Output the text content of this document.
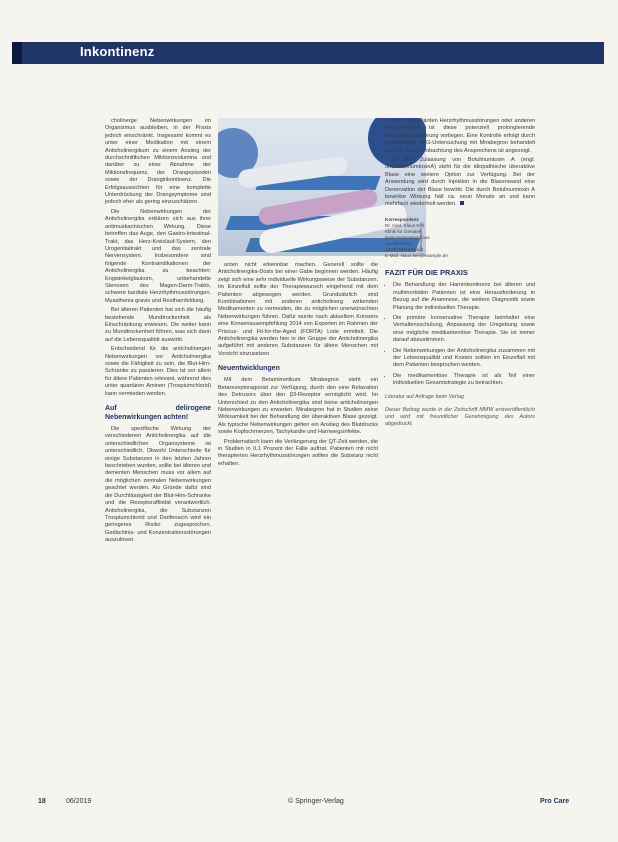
Inkontinenz
© Jupiterimages

cholinerge Nebenwirkungen im Organismus ausbleiben, in der Praxis jedoch einschränkt. Insgesamt kommt es unter einer Medikation mit einem Anticholinergikum zu einem Anstieg der durchschnittlichen Miktionsvolumina und darüber zu einer Abnahme der Miktionsfrequenz, der Drangepisoden sowie der Dranginkontinenz. Die Erfolgsaussichten für eine komplette Unterdrückung der Drangsymptome sind jedoch eher als gering einzuschätzen.

Die Nebenwirkungen der Anticholinergika erklären sich aus ihrer antimuskarinischen Wirkung. Diese betreffen das Auge, den Gastro-Intestinal-Trakt, das Herz-Kreislauf-System, den Urogenitaltrakt und das zentrale Nervensystem. Insbesondere sind folgende Kontraindikationen der Anticholinergika zu beachten: Engwinkelglaukom, unbehandelte Stenosen des Magen-Darm-Trakts, schwere kardiale Herzrhythmusstörungen, Myasthenia gravis und Restharnbildung.

Bei älteren Patienten hat sich die häufig bestehende Mundtrockenheit als Einschränkung erwiesen. Die weiter kann zu Mundtrockenheit führen, was sich dann auf die Lebensqualität auswirkt.

Entscheidend für die anticholinergen Nebenwirkungen vor Anticholinergika sowie die Fähigkeit zu sein, die Blut-Hirn-Schranke zu passieren. Dies ist vor allem für ältere Patienten relevant, während dies unter quartären Aminen (Trospiumchlorid) kann vermieden werden.

Auf delirogene Nebenwirkungen achten!

Die spezifische Wirkung der verschiedenen Anticholinergika auf die unterschiedlichen Organsysteme ist unterschiedlich. Obwohl Unterschiede für einige Substanzen in den letzten Jahren beschrieben wurden, sollte bei älteren und dementen Menschen muss vor allem auf die möglichen zentralen Nebenwirkungen geachtet werden. Als Gründe dafür sind die Durchlässigkeit der Blut-Hirn-Schranke und die Rezeptoraffinität verantwortlich. Anticholinergika, die Substanzen Trospiumchlorid und Darifenacin wird ein geringeres Risiko zugesprochen, Gedächtnis- und Konzentrationsstörungen auszulösen.

unten nicht erkennbar machen. Generell sollte die Anticholinergika-Dosis bei einer Gabe beginnen werden. Häufig zeigt sich eine sehr individuelle Wirkungsweise der Substanzen. Im Einzelfall sollte der Therapiewunsch eingehend mit dem Patienten abgewogen werden. Grundsätzlich sind Kombinationen mit anderen anticholinerg wirkenden Medikamenten zu vermeiden, die zu möglichen unerwünschten Nebenwirkungen führen. Dafür wurde nach aktuellem Konsens eine Konsensusempfehlung 2014 von Experten im Rahmen der Priscus- und Fit-for-the-Aged (FORTA) Liste ermittelt. Die Anticholinergika werden hier in der Gruppe der Anticholinergika aufgeführt mit anderen Substanzen für ältere Menschen mit Vorsicht einzusetzen.

Neuentwicklungen

Mit dem Betamimetikum Mirabegron steht ein Betarezeptoragonist zur Verfügung, durch den eine Relaxation des Detrusors über den β3-Rezeptor ermöglicht wird. Im Unterschied zu den Anticholinergika sind keine anticholinergen Nebenwirkungen zu erwarten. Mirabegron hat in Studien seine Wirksamkeit bei der Behandlung der überaktiven Blase gezeigt. Als typische Nebenwirkungen gelten ein Anstieg des Blutdrucks sowie Kopfschmerzen, Tachykardie und Harnwegsinfekte.

Problematisch kann die Verlängerung der QT-Zeit werden, die in Studien in 0,1 Prozent der Fälle auftrat. Patienten mit nicht therapierten Herzrhythmusstörungen sollten die Substanz nicht erhalten.

mern, tachykarden Herzrhythmusstörungen oder anderen Risikofaktoren ist diese potenziell prolongierende Herzrhythmusstörung vorliegen. Eine Kontrolle erfolgt durch regelmäßige EKG-Untersuchung mit Mirabegron behandelt werden. Eine Beobachtung des Ansprechens ist angezeigt.

Mit der Zulassung von Botulinumtoxin A (engl. onabotulinumtoxinA) steht für die idiopathische überaktive Blase eine weitere Option zur Verfügung. Bei der Anwendung wird durch Injektion in die Blasenwand eine Denervation der Blase bewirkt. Die durch Botulinumtoxin A bewirkte Wirkung hält ca. neun Monate an und kann mehrfach wiederholt werden.

Korrespondenz
Dr. med. Klaus Keil
Klinik für Geriatrie
Seniorenkrankenhaus
Jacobistraße
12345 Musterstadt
E-Mail: klaus.keil@example.de
FAZIT FÜR DIE PRAXIS
• Die Behandlung der Harninkontinenz bei älteren und multimorbiden Patienten ist eine Herausforderung in Bezug auf die Anamnese, die weitere Diagnostik sowie Planung der individuellen Therapie.
• Die primäre konservative Therapie beinhaltet eine Verhaltensschulung, Anpassung der Umgebung sowie eine mögliche medikamentöse Therapie. Sie ist immer darauf abzustimmen.
• Die Nebenwirkungen der Anticholinergika zusammen mit der Lebensqualität und Kosten sollten im Einzelfall mit dem Patienten besprochen werden.
• Die medikamentöse Therapie ist als Teil einer individuellen Gesamtstrategie zu betrachten.
Literatur auf Anfrage beim Verlag
Dieser Beitrag wurde in der Zeitschrift MMW erstveröffentlicht und wird mit freundlicher Genehmigung des Autors abgedruckt.
18	06/2019	© Springer-Verlag	Pro Care
